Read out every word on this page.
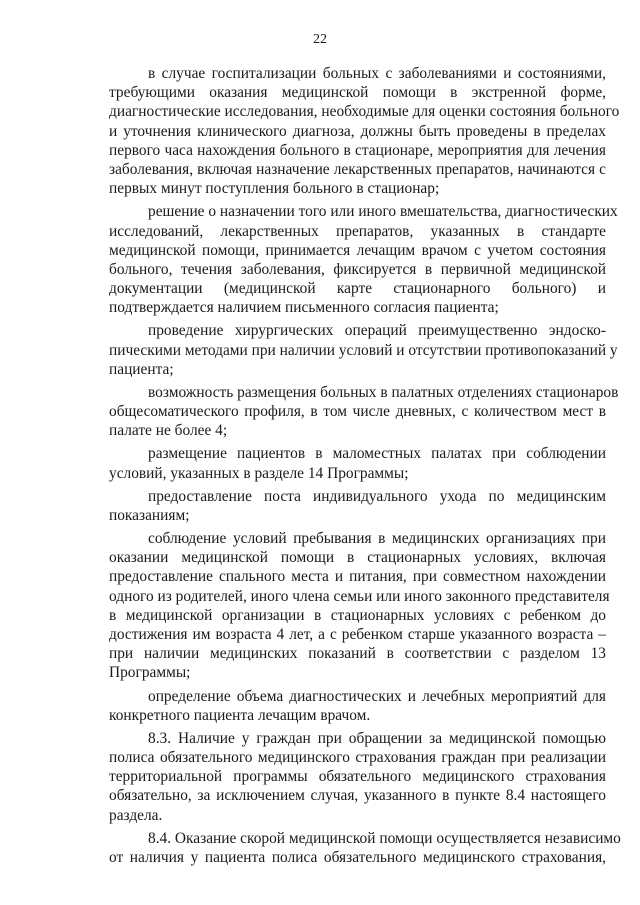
22
в случае госпитализации больных с заболеваниями и состояниями,
требующими оказания медицинской помощи в экстренной форме,
диагностические исследования, необходимые для оценки состояния больного
и уточнения клинического диагноза, должны быть проведены в пределах
первого часа нахождения больного в стационаре, мероприятия для лечения
заболевания, включая назначение лекарственных препаратов, начинаются с
первых минут поступления больного в стационар;
решение о назначении того или иного вмешательства, диагностических
исследований, лекарственных препаратов, указанных в стандарте
медицинской помощи, принимается лечащим врачом с учетом состояния
больного, течения заболевания, фиксируется в первичной медицинской
документации (медицинской карте стационарного больного) и
подтверждается наличием письменного согласия пациента;
проведение хирургических операций преимущественно эндоско-
пическими методами при наличии условий и отсутствии противопоказаний у
пациента;
возможность размещения больных в палатных отделениях стационаров
общесоматического профиля, в том числе дневных, с количеством мест в
палате не более 4;
размещение пациентов в маломестных палатах при соблюдении
условий, указанных в разделе 14 Программы;
предоставление поста индивидуального ухода по медицинским
показаниям;
соблюдение условий пребывания в медицинских организациях при
оказании медицинской помощи в стационарных условиях, включая
предоставление спального места и питания, при совместном нахождении
одного из родителей, иного члена семьи или иного законного представителя
в медицинской организации в стационарных условиях с ребенком до
достижения им возраста 4 лет, а с ребенком старше указанного возраста –
при наличии медицинских показаний в соответствии с разделом 13
Программы;
определение объема диагностических и лечебных мероприятий для
конкретного пациента лечащим врачом.
8.3. Наличие у граждан при обращении за медицинской помощью
полиса обязательного медицинского страхования граждан при реализации
территориальной программы обязательного медицинского страхования
обязательно, за исключением случая, указанного в пункте 8.4 настоящего
раздела.
8.4. Оказание скорой медицинской помощи осуществляется независимо
от наличия у пациента полиса обязательного медицинского страхования,
